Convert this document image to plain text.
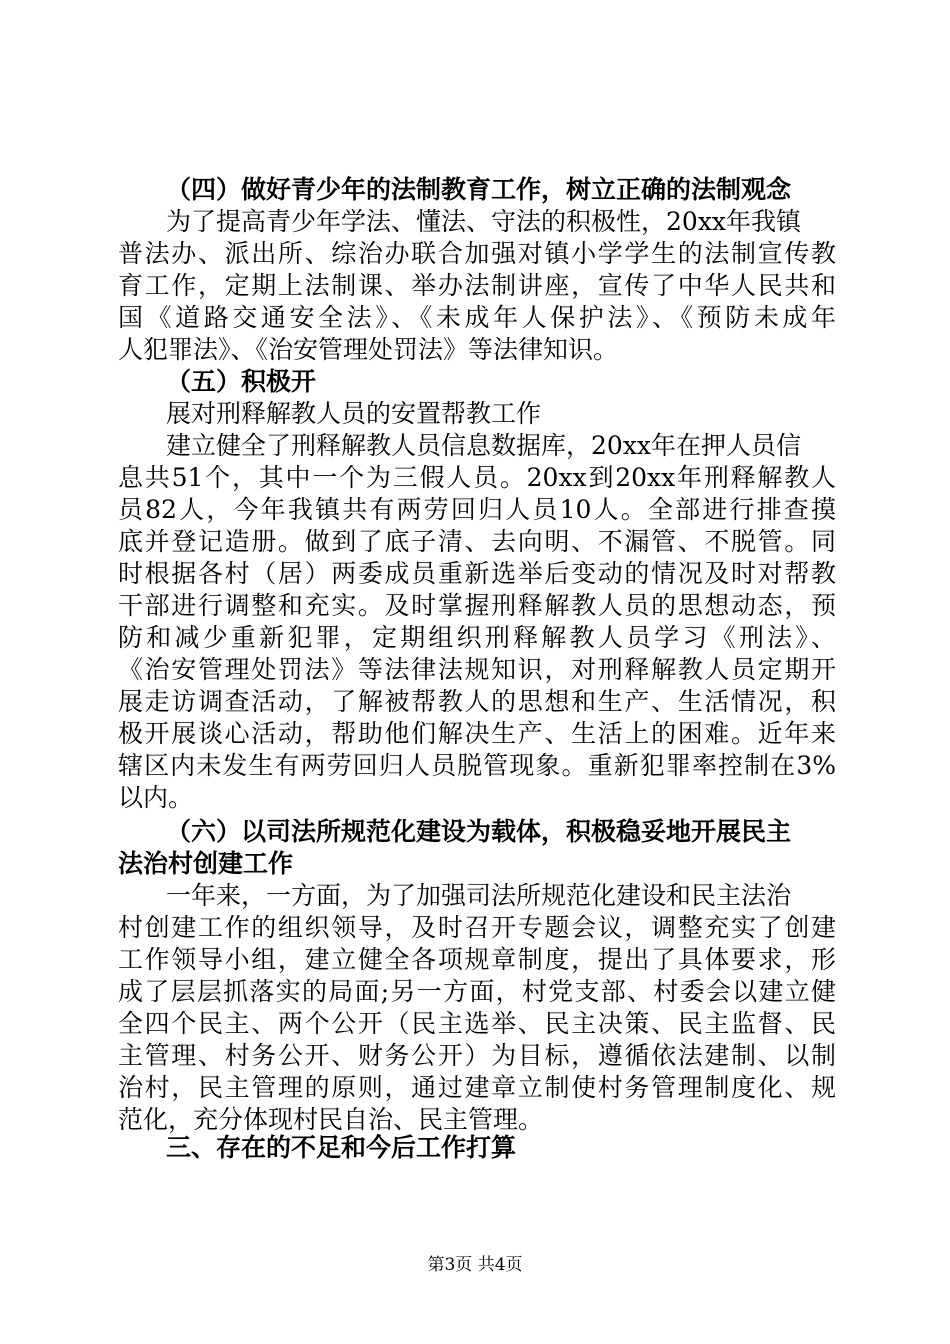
（四）做好青少年的法制教育工作，树立正确的法制观念
为了提高青少年学法、懂法、守法的积极性，20xx年我镇
普法办、派出所、综治办联合加强对镇小学学生的法制宣传教
育工作，定期上法制课、举办法制讲座，宣传了中华人民共和
国《道路交通安全法》、《未成年人保护法》、《预防未成年
人犯罪法》、《治安管理处罚法》等法律知识。
（五）积极开
展对刑释解教人员的安置帮教工作
建立健全了刑释解教人员信息数据库，20xx年在押人员信
息共51个，其中一个为三假人员。20xx到20xx年刑释解教人
员82人，今年我镇共有两劳回归人员10人。全部进行排查摸
底并登记造册。做到了底子清、去向明、不漏管、不脱管。同
时根据各村（居）两委成员重新选举后变动的情况及时对帮教
干部进行调整和充实。及时掌握刑释解教人员的思想动态，预
防和减少重新犯罪，定期组织刑释解教人员学习《刑法》、
《治安管理处罚法》等法律法规知识，对刑释解教人员定期开
展走访调查活动，了解被帮教人的思想和生产、生活情况，积
极开展谈心活动，帮助他们解决生产、生活上的困难。近年来
辖区内未发生有两劳回归人员脱管现象。重新犯罪率控制在3%
以内。
（六）以司法所规范化建设为载体，积极稳妥地开展民主
法治村创建工作
一年来，一方面，为了加强司法所规范化建设和民主法治
村创建工作的组织领导，及时召开专题会议，调整充实了创建
工作领导小组，建立健全各项规章制度，提出了具体要求，形
成了层层抓落实的局面;另一方面，村党支部、村委会以建立健
全四个民主、两个公开（民主选举、民主决策、民主监督、民
主管理、村务公开、财务公开）为目标，遵循依法建制、以制
治村，民主管理的原则，通过建章立制使村务管理制度化、规
范化，充分体现村民自治、民主管理。
三、存在的不足和今后工作打算
第3页 共4页
